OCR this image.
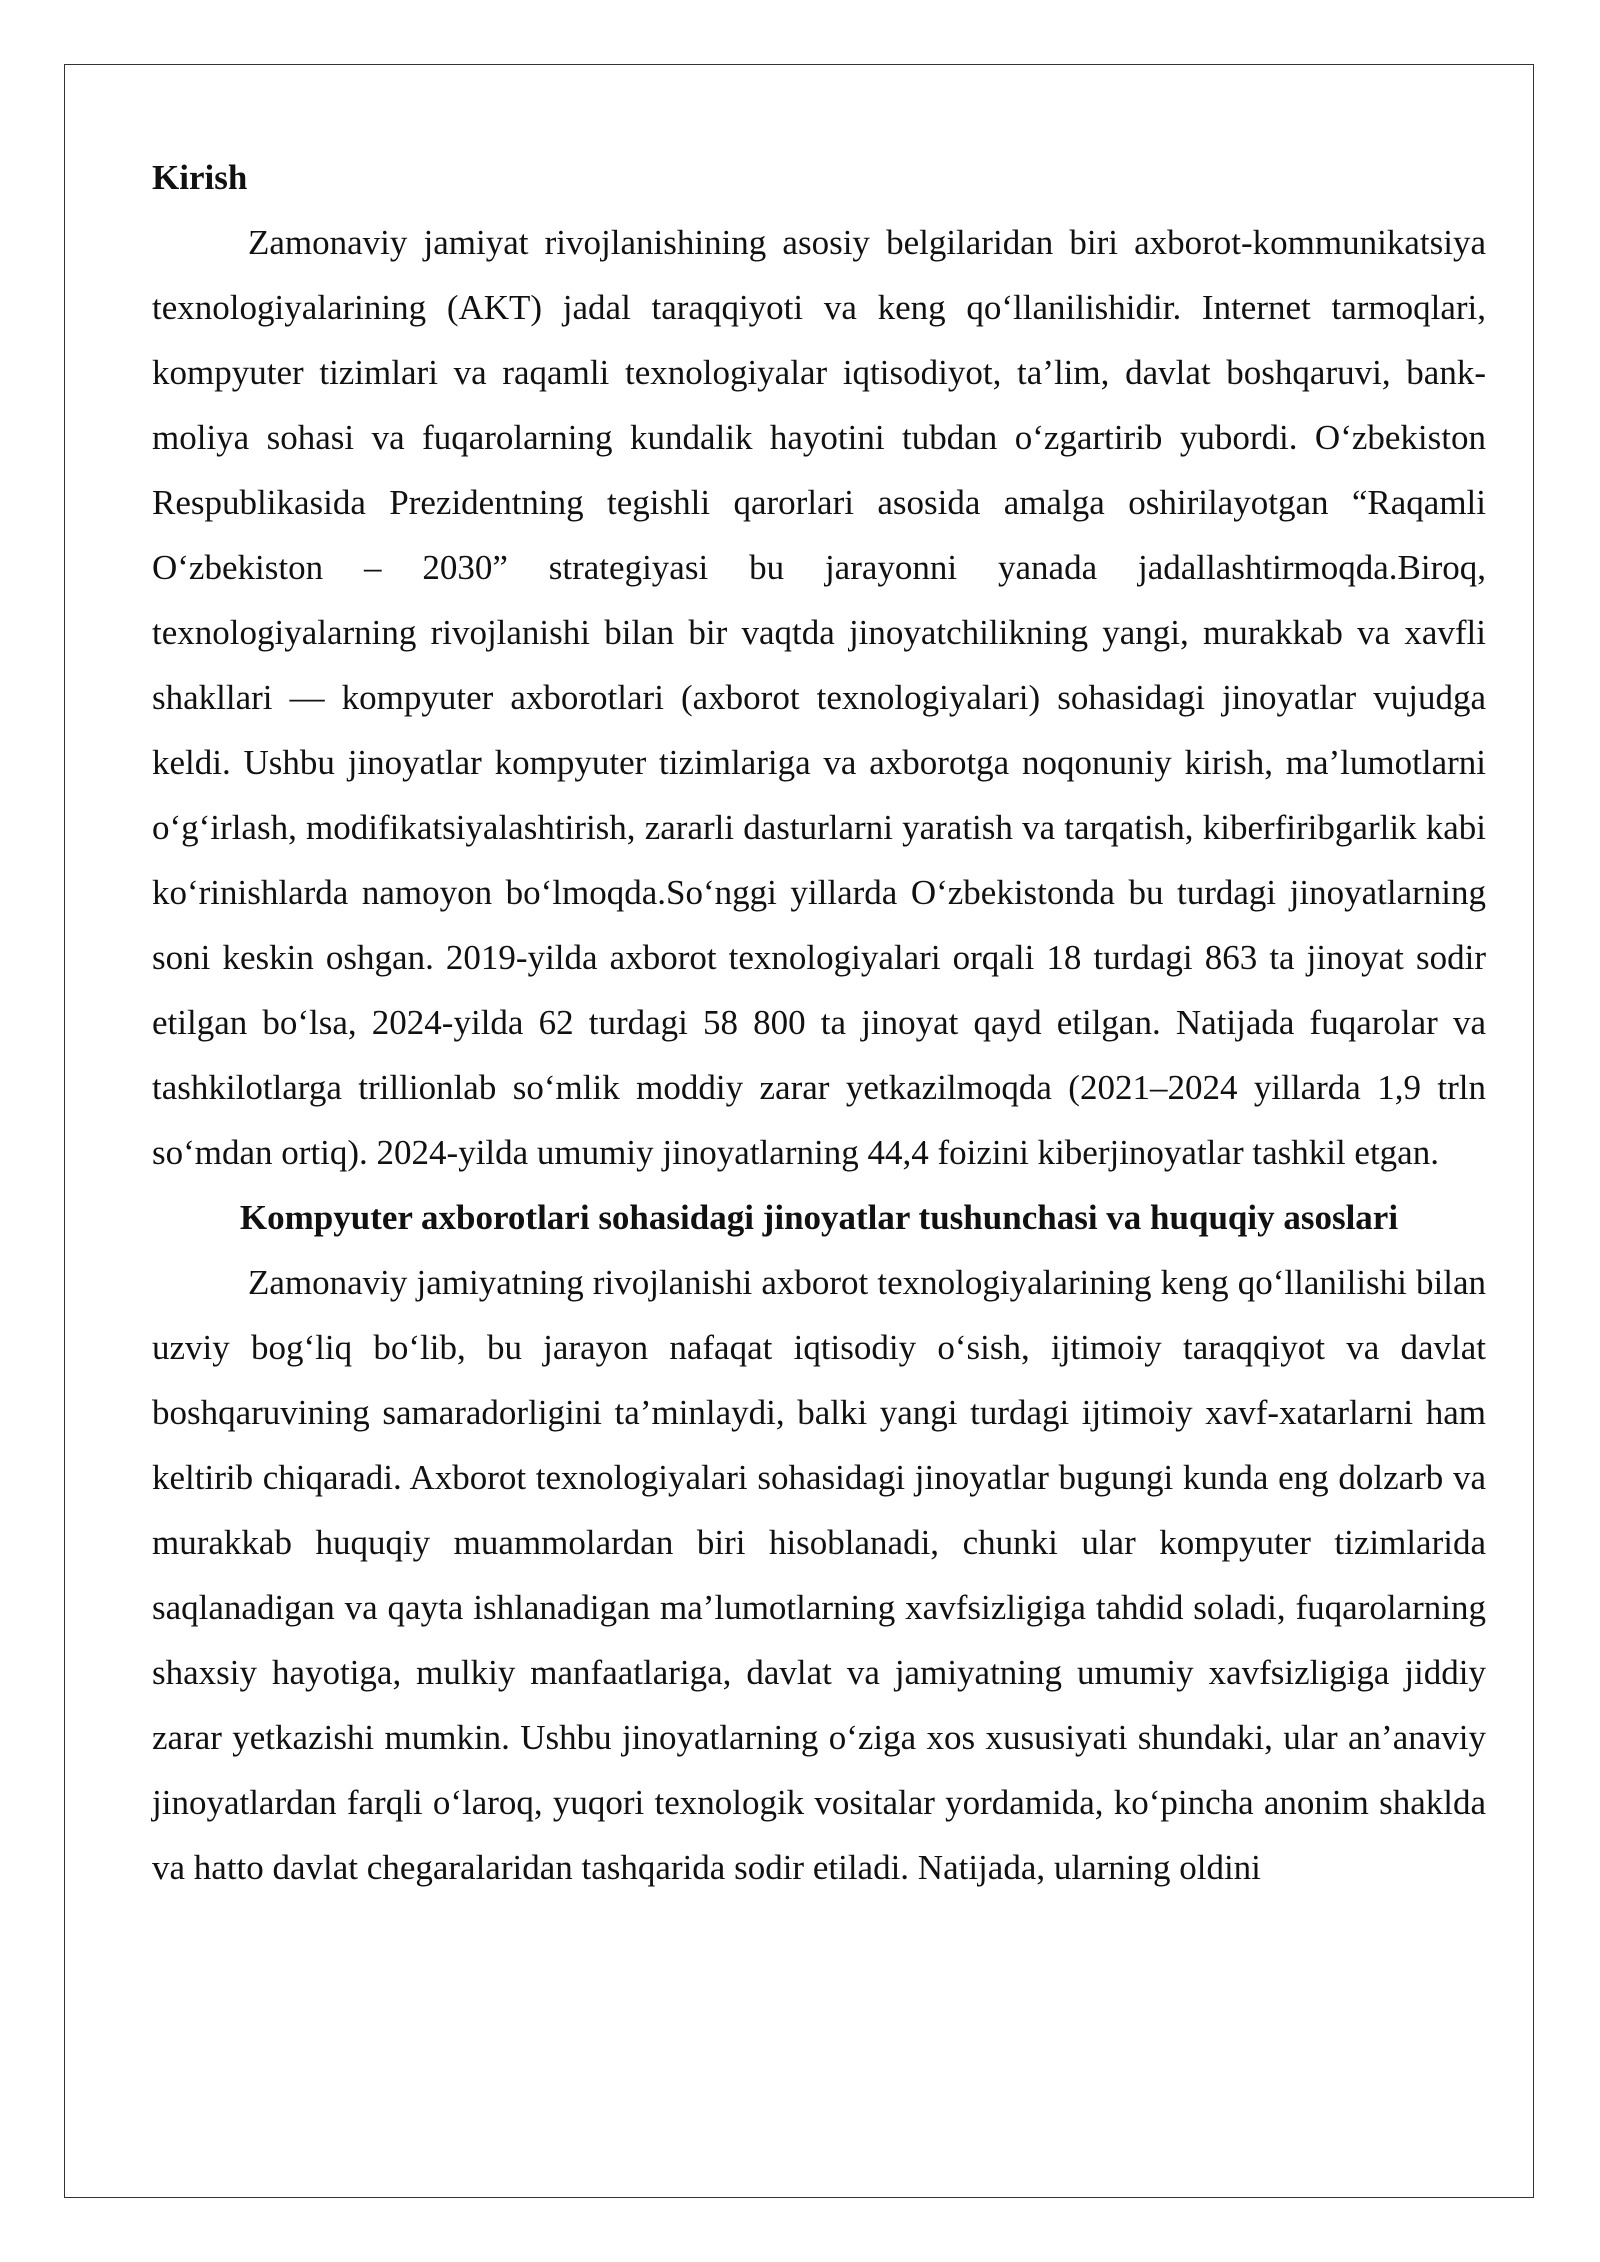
Kirish

Zamonaviy jamiyat rivojlanishining asosiy belgilaridan biri axborot-kommunikatsiya texnologiyalarining (AKT) jadal taraqqiyoti va keng qo‘llanilishidir. Internet tarmoqlari, kompyuter tizimlari va raqamli texnologiyalar iqtisodiyot, ta’lim, davlat boshqaruvi, bank-moliya sohasi va fuqarolarning kundalik hayotini tubdan o‘zgartirib yubordi. O‘zbekiston Respublikasida Prezidentning tegishli qarorlari asosida amalga oshirilayotgan “Raqamli O‘zbekiston – 2030” strategiyasi bu jarayonni yanada jadallashtirmoqda.Biroq, texnologiyalarning rivojlanishi bilan bir vaqtda jinoyatchilikning yangi, murakkab va xavfli shakllari — kompyuter axborotlari (axborot texnologiyalari) sohasidagi jinoyatlar vujudga keldi. Ushbu jinoyatlar kompyuter tizimlariga va axborotga noqonuniy kirish, ma’lumotlarni o‘g‘irlash, modifikatsiyalashtirish, zararli dasturlarni yaratish va tarqatish, kiberfiribgarlik kabi ko‘rinishlarda namoyon bo‘lmoqda.So‘nggi yillarda O‘zbekistonda bu turdagi jinoyatlarning soni keskin oshgan. 2019-yilda axborot texnologiyalari orqali 18 turdagi 863 ta jinoyat sodir etilgan bo‘lsa, 2024-yilda 62 turdagi 58 800 ta jinoyat qayd etilgan. Natijada fuqarolar va tashkilotlarga trillionlab so‘mlik moddiy zarar yetkazilmoqda (2021–2024 yillarda 1,9 trln so‘mdan ortiq). 2024-yilda umumiy jinoyatlarning 44,4 foizini kiberjinoyatlar tashkil etgan.

Kompyuter axborotlari sohasidagi jinoyatlar tushunchasi va huquqiy asoslari

Zamonaviy jamiyatning rivojlanishi axborot texnologiyalarining keng qo‘llanilishi bilan uzviy bog‘liq bo‘lib, bu jarayon nafaqat iqtisodiy o‘sish, ijtimoiy taraqqiyot va davlat boshqaruvining samaradorligini ta’minlaydi, balki yangi turdagi ijtimoiy xavf-xatarlarni ham keltirib chiqaradi. Axborot texnologiyalari sohasidagi jinoyatlar bugungi kunda eng dolzarb va murakkab huquqiy muammolardan biri hisoblanadi, chunki ular kompyuter tizimlarida saqlanadigan va qayta ishlanadigan ma’lumotlarning xavfsizligiga tahdid soladi, fuqarolarning shaxsiy hayotiga, mulkiy manfaatlariga, davlat va jamiyatning umumiy xavfsizligiga jiddiy zarar yetkazishi mumkin. Ushbu jinoyatlarning o‘ziga xos xususiyati shundaki, ular an’anaviy jinoyatlardan farqli o‘laroq, yuqori texnologik vositalar yordamida, ko‘pincha anonim shaklda va hatto davlat chegaralaridan tashqarida sodir etiladi. Natijada, ularning oldini
